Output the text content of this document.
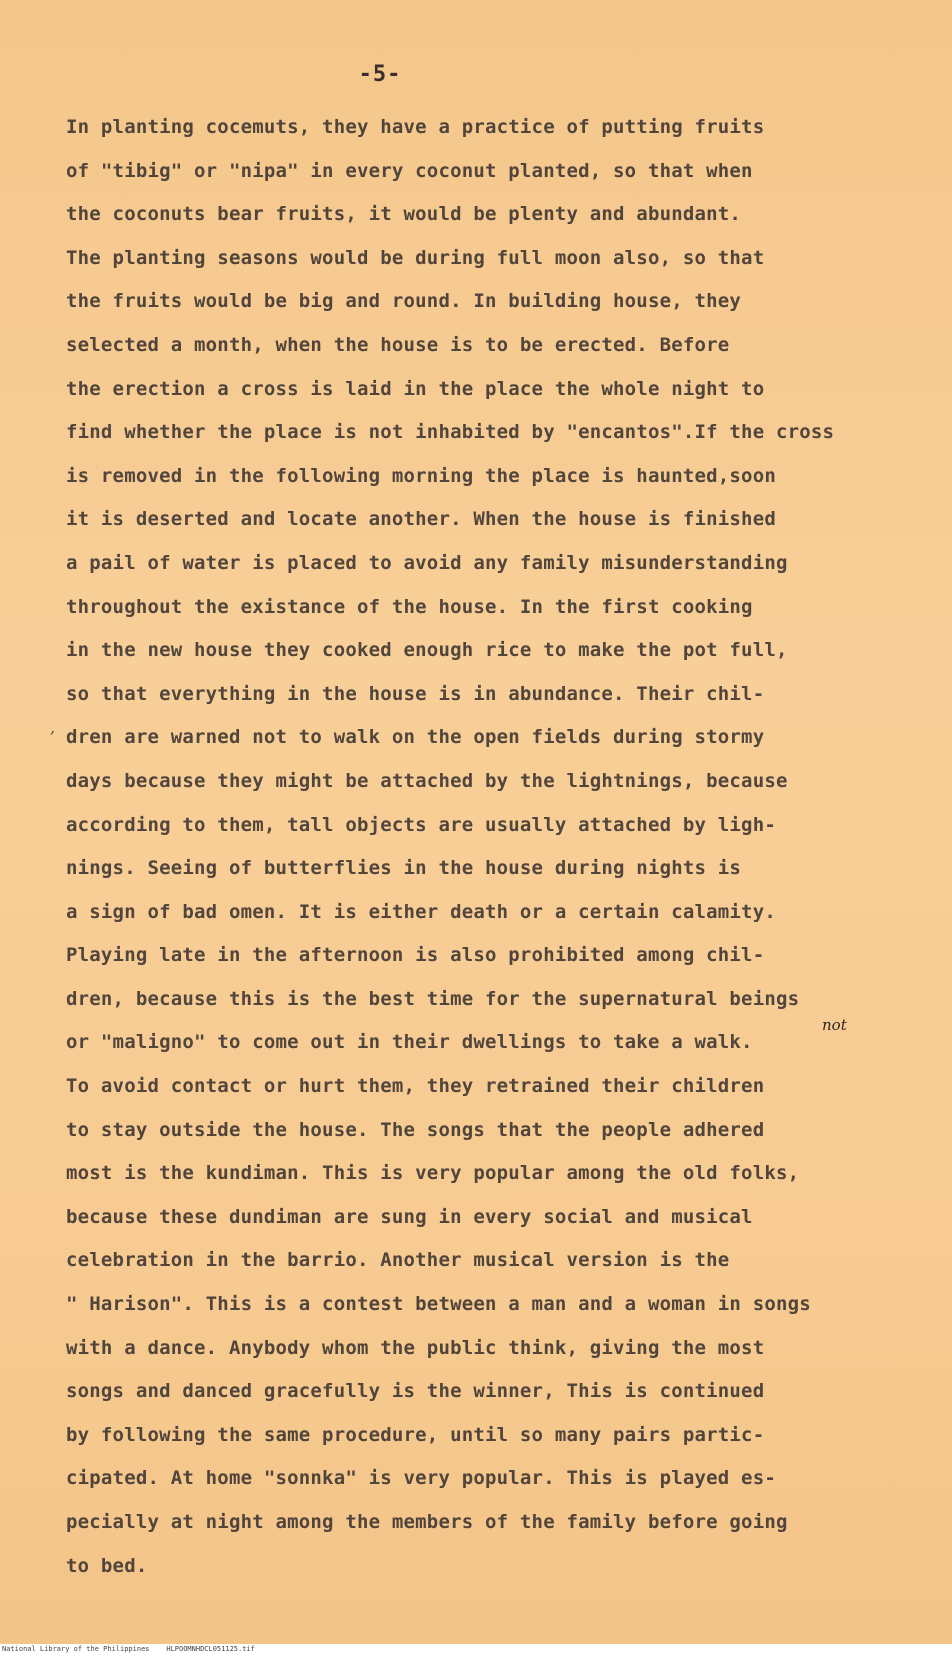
-5-
In planting cocemuts, they have a practice of putting fruits
of "tibig" or "nipa" in every coconut planted, so that when
the coconuts bear fruits, it would be plenty and abundant.
The planting seasons would be during full moon also, so that
the fruits would be big and round. In building house, they
selected a month, when the house is to be erected. Before
the erection a cross is laid in the place the whole night to
find whether the place is not inhabited by "encantos".If the cross
is removed in the following morning the place is haunted,soon
it is deserted and locate another. When the house is finished
a pail of water is placed to avoid any family misunderstanding
throughout the existance of the house. In the first cooking
in the new house they cooked enough rice to make the pot full,
so that everything in the house is in abundance. Their chil-
dren are warned not to walk on the open fields during stormy
days because they might be attached by the lightnings, because
according to them, tall objects are usually attached by ligh-
nings. Seeing of butterflies in the house during nights is
a sign of bad omen. It is either death or a certain calamity.
Playing late in the afternoon is also prohibited among chil-
dren, because this is the best time for the supernatural beings
or "maligno" to come out in their dwellings to take a walk.
To avoid contact or hurt them, they retrained their children
to stay outside the house. The songs that the people adhered
most is the kundiman. This is very popular among the old folks,
because these dundiman are sung in every social and musical
celebration in the barrio. Another musical version is the
" Harison". This is a contest between a man and a woman in songs
with a dance. Anybody whom the public think, giving the most
songs and danced gracefully is the winner, This is continued
by following the same procedure, until so many pairs partic-
cipated. At home "sonnka" is very popular. This is played es-
pecially at night among the members of the family before going
to bed.
not
,
National Library of the Philippines    HLPOOMNHDCL051125.tif
